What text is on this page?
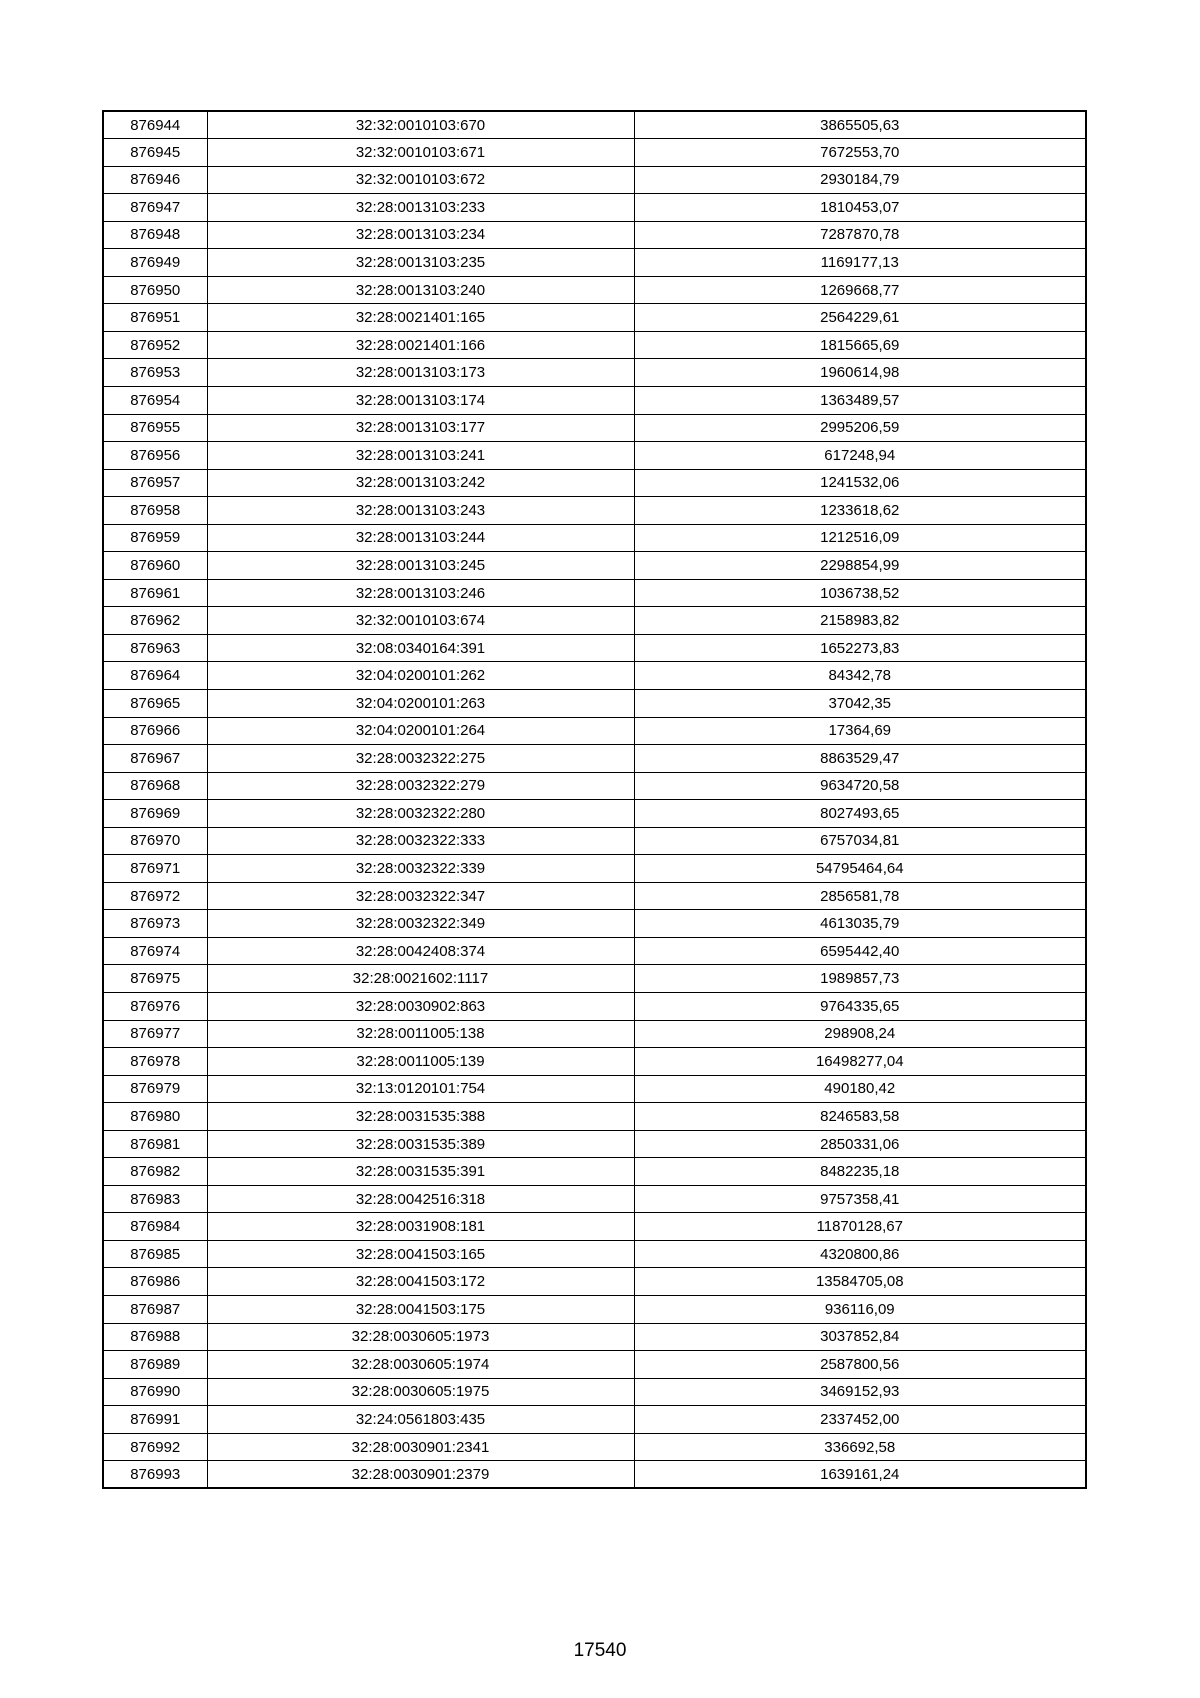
876944	32:32:0010103:670	3865505,63
876945	32:32:0010103:671	7672553,70
876946	32:32:0010103:672	2930184,79
876947	32:28:0013103:233	1810453,07
876948	32:28:0013103:234	7287870,78
876949	32:28:0013103:235	1169177,13
876950	32:28:0013103:240	1269668,77
876951	32:28:0021401:165	2564229,61
876952	32:28:0021401:166	1815665,69
876953	32:28:0013103:173	1960614,98
876954	32:28:0013103:174	1363489,57
876955	32:28:0013103:177	2995206,59
876956	32:28:0013103:241	617248,94
876957	32:28:0013103:242	1241532,06
876958	32:28:0013103:243	1233618,62
876959	32:28:0013103:244	1212516,09
876960	32:28:0013103:245	2298854,99
876961	32:28:0013103:246	1036738,52
876962	32:32:0010103:674	2158983,82
876963	32:08:0340164:391	1652273,83
876964	32:04:0200101:262	84342,78
876965	32:04:0200101:263	37042,35
876966	32:04:0200101:264	17364,69
876967	32:28:0032322:275	8863529,47
876968	32:28:0032322:279	9634720,58
876969	32:28:0032322:280	8027493,65
876970	32:28:0032322:333	6757034,81
876971	32:28:0032322:339	54795464,64
876972	32:28:0032322:347	2856581,78
876973	32:28:0032322:349	4613035,79
876974	32:28:0042408:374	6595442,40
876975	32:28:0021602:1117	1989857,73
876976	32:28:0030902:863	9764335,65
876977	32:28:0011005:138	298908,24
876978	32:28:0011005:139	16498277,04
876979	32:13:0120101:754	490180,42
876980	32:28:0031535:388	8246583,58
876981	32:28:0031535:389	2850331,06
876982	32:28:0031535:391	8482235,18
876983	32:28:0042516:318	9757358,41
876984	32:28:0031908:181	11870128,67
876985	32:28:0041503:165	4320800,86
876986	32:28:0041503:172	13584705,08
876987	32:28:0041503:175	936116,09
876988	32:28:0030605:1973	3037852,84
876989	32:28:0030605:1974	2587800,56
876990	32:28:0030605:1975	3469152,93
876991	32:24:0561803:435	2337452,00
876992	32:28:0030901:2341	336692,58
876993	32:28:0030901:2379	1639161,24
17540
